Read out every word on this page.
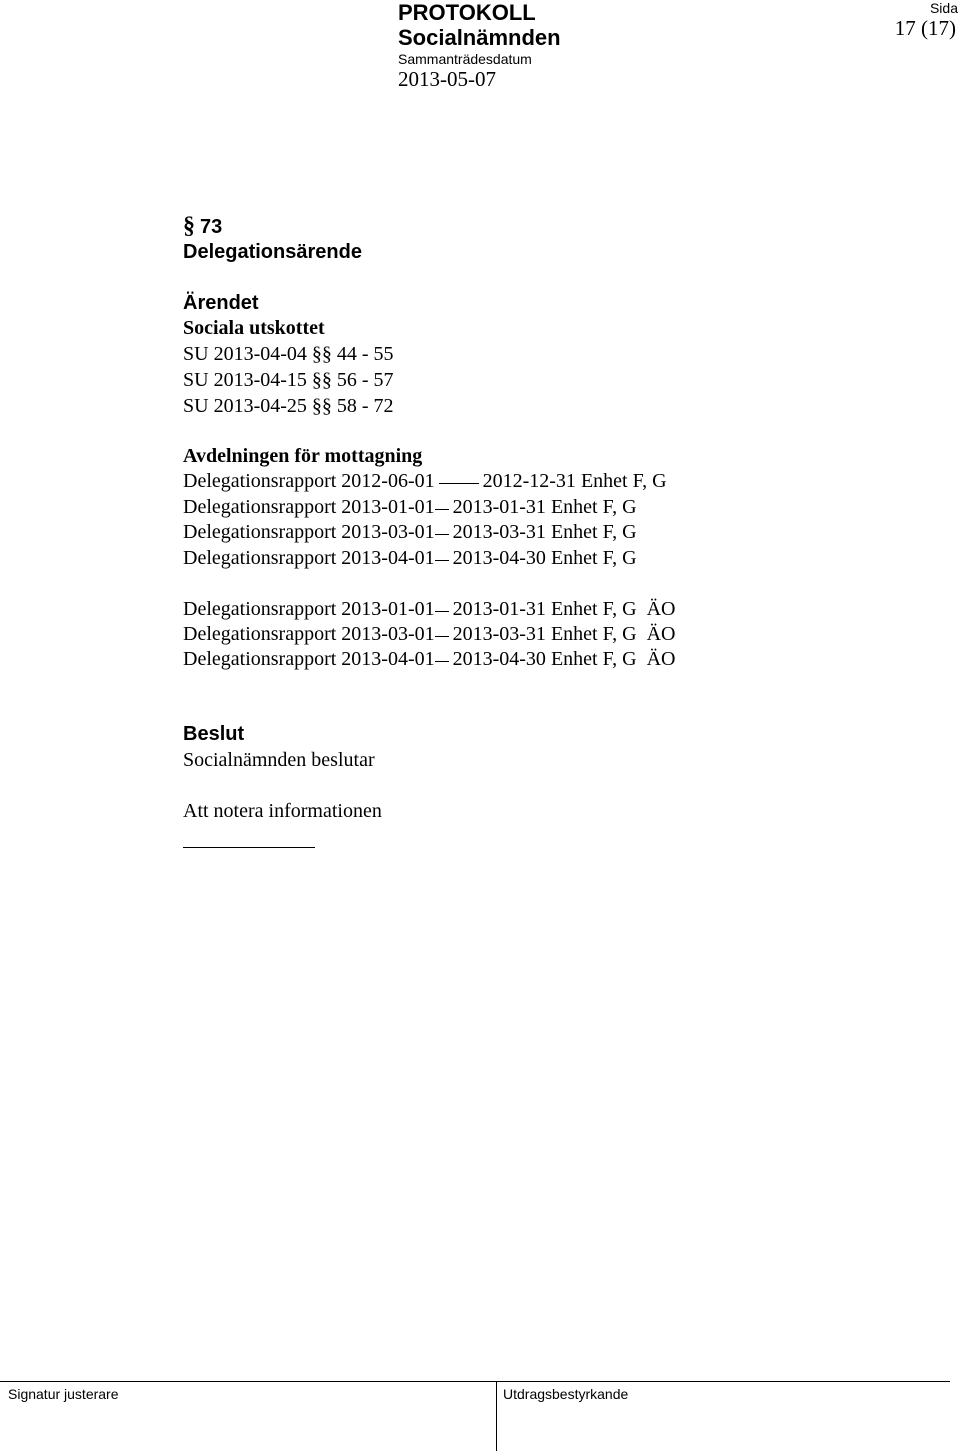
PROTOKOLL
Socialnämnden
Sammanträdesdatum
2013-05-07
Sida
17 (17)
§ 73
Delegationsärende
Ärendet
Sociala utskottet
SU 2013-04-04 §§ 44 - 55
SU 2013-04-15 §§ 56 - 57
SU 2013-04-25 §§ 58 - 72
Avdelningen för mottagning
Delegationsrapport 2012-06-01 2012-12-31 Enhet F, G
Delegationsrapport 2013-01-01 2013-01-31 Enhet F, G
Delegationsrapport 2013-03-01 2013-03-31 Enhet F, G
Delegationsrapport 2013-04-01 2013-04-30 Enhet F, G
Delegationsrapport 2013-01-01 2013-01-31 Enhet F, G ÄO
Delegationsrapport 2013-03-01 2013-03-31 Enhet F, G ÄO
Delegationsrapport 2013-04-01 2013-04-30 Enhet F, G ÄO
Beslut
Socialnämnden beslutar
Att notera informationen
Signatur justerare	Utdragsbestyrkande
